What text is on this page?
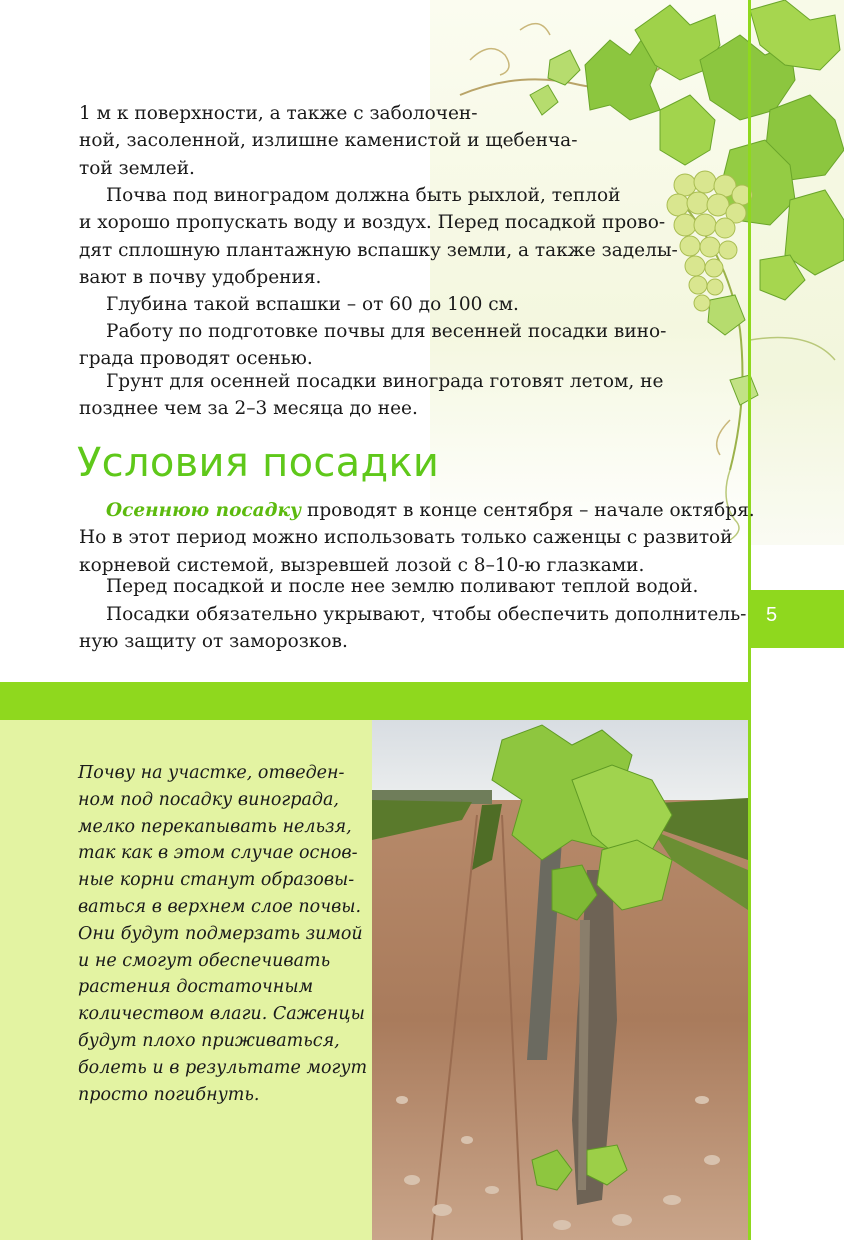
1 м к поверхности, а также с заболочен-
ной, засоленной, излишне каменистой и щебенча-
той землей.
Почва под виноградом должна быть рыхлой, теплой
и хорошо пропускать воду и воздух. Перед посадкой прово-
дят сплошную плантажную вспашку земли, а также заделы-
вают в почву удобрения.
Глубина такой вспашки – от 60 до 100 см.
Работу по подготовке почвы для весенней посадки вино-
града проводят осенью.
Грунт для осенней посадки винограда готовят летом, не
позднее чем за 2–3 месяца до нее.
Условия посадки
Осеннюю посадку проводят в конце сентября – начале октября.
Но в этот период можно использовать только саженцы с развитой
корневой системой, вызревшей лозой с 8–10-ю глазками.
Перед посадкой и после нее землю поливают теплой водой.
Посадки обязательно укрывают, чтобы обеспечить дополнитель-
ную защиту от заморозков.
5
Почву на участке, отведен-
ном под посадку винограда,
мелко перекапывать нельзя,
так как в этом случае основ-
ные корни станут образовы-
ваться в верхнем слое почвы.
Они будут подмерзать зимой
и не смогут обеспечивать
растения достаточным
количеством влаги. Саженцы
будут плохо приживаться,
болеть и в результате могут
просто погибнуть.
